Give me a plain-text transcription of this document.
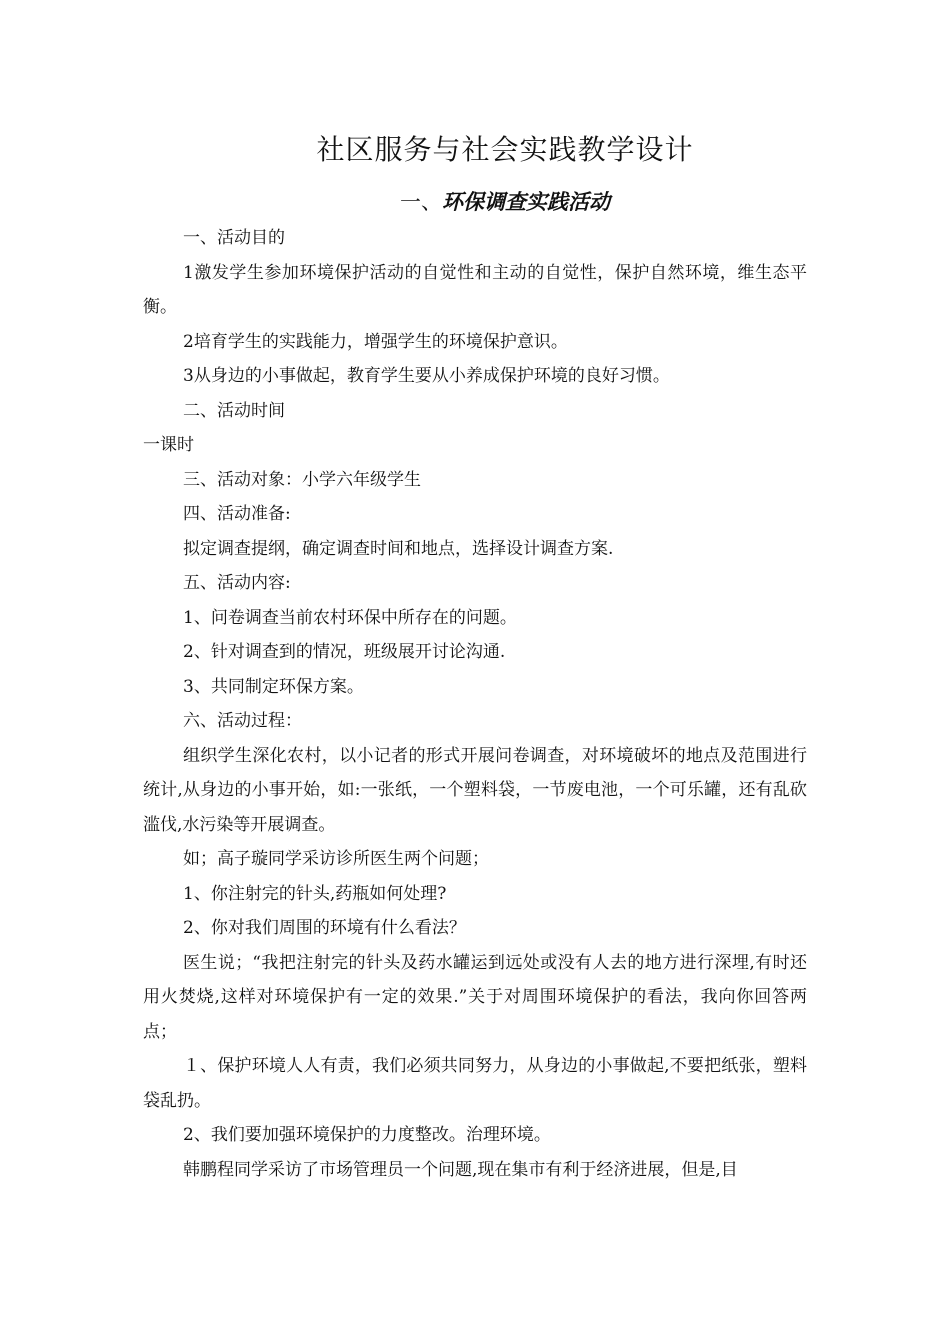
社区服务与社会实践教学设计
一、环保调查实践活动

一、活动目的

1激发学生参加环境保护活动的自觉性和主动的自觉性，保护自然环境，维生态平衡。

2培育学生的实践能力，增强学生的环境保护意识。

3从身边的小事做起，教育学生要从小养成保护环境的良好习惯。

二、活动时间

一课时

三、活动对象：小学六年级学生

四、活动准备:

拟定调查提纲，确定调查时间和地点，选择设计调查方案.

五、活动内容:

1、问卷调查当前农村环保中所存在的问题。

2、针对调查到的情况，班级展开讨论沟通.

3、共同制定环保方案。

六、活动过程：

组织学生深化农村，以小记者的形式开展问卷调查，对环境破坏的地点及范围进行统计,从身边的小事开始，如:一张纸，一个塑料袋，一节废电池，一个可乐罐，还有乱砍滥伐,水污染等开展调查。

如；高子璇同学采访诊所医生两个问题；

1、你注射完的针头,药瓶如何处理?

2、你对我们周围的环境有什么看法？

医生说；“我把注射完的针头及药水罐运到远处或没有人去的地方进行深埋,有时还用火焚烧,这样对环境保护有一定的效果.”关于对周围环境保护的看法，我向你回答两点；

１、保护环境人人有责，我们必须共同努力，从身边的小事做起,不要把纸张，塑料袋乱扔。

2、我们要加强环境保护的力度整改。治理环境。

韩鹏程同学采访了市场管理员一个问题,现在集市有利于经济进展，但是,目
